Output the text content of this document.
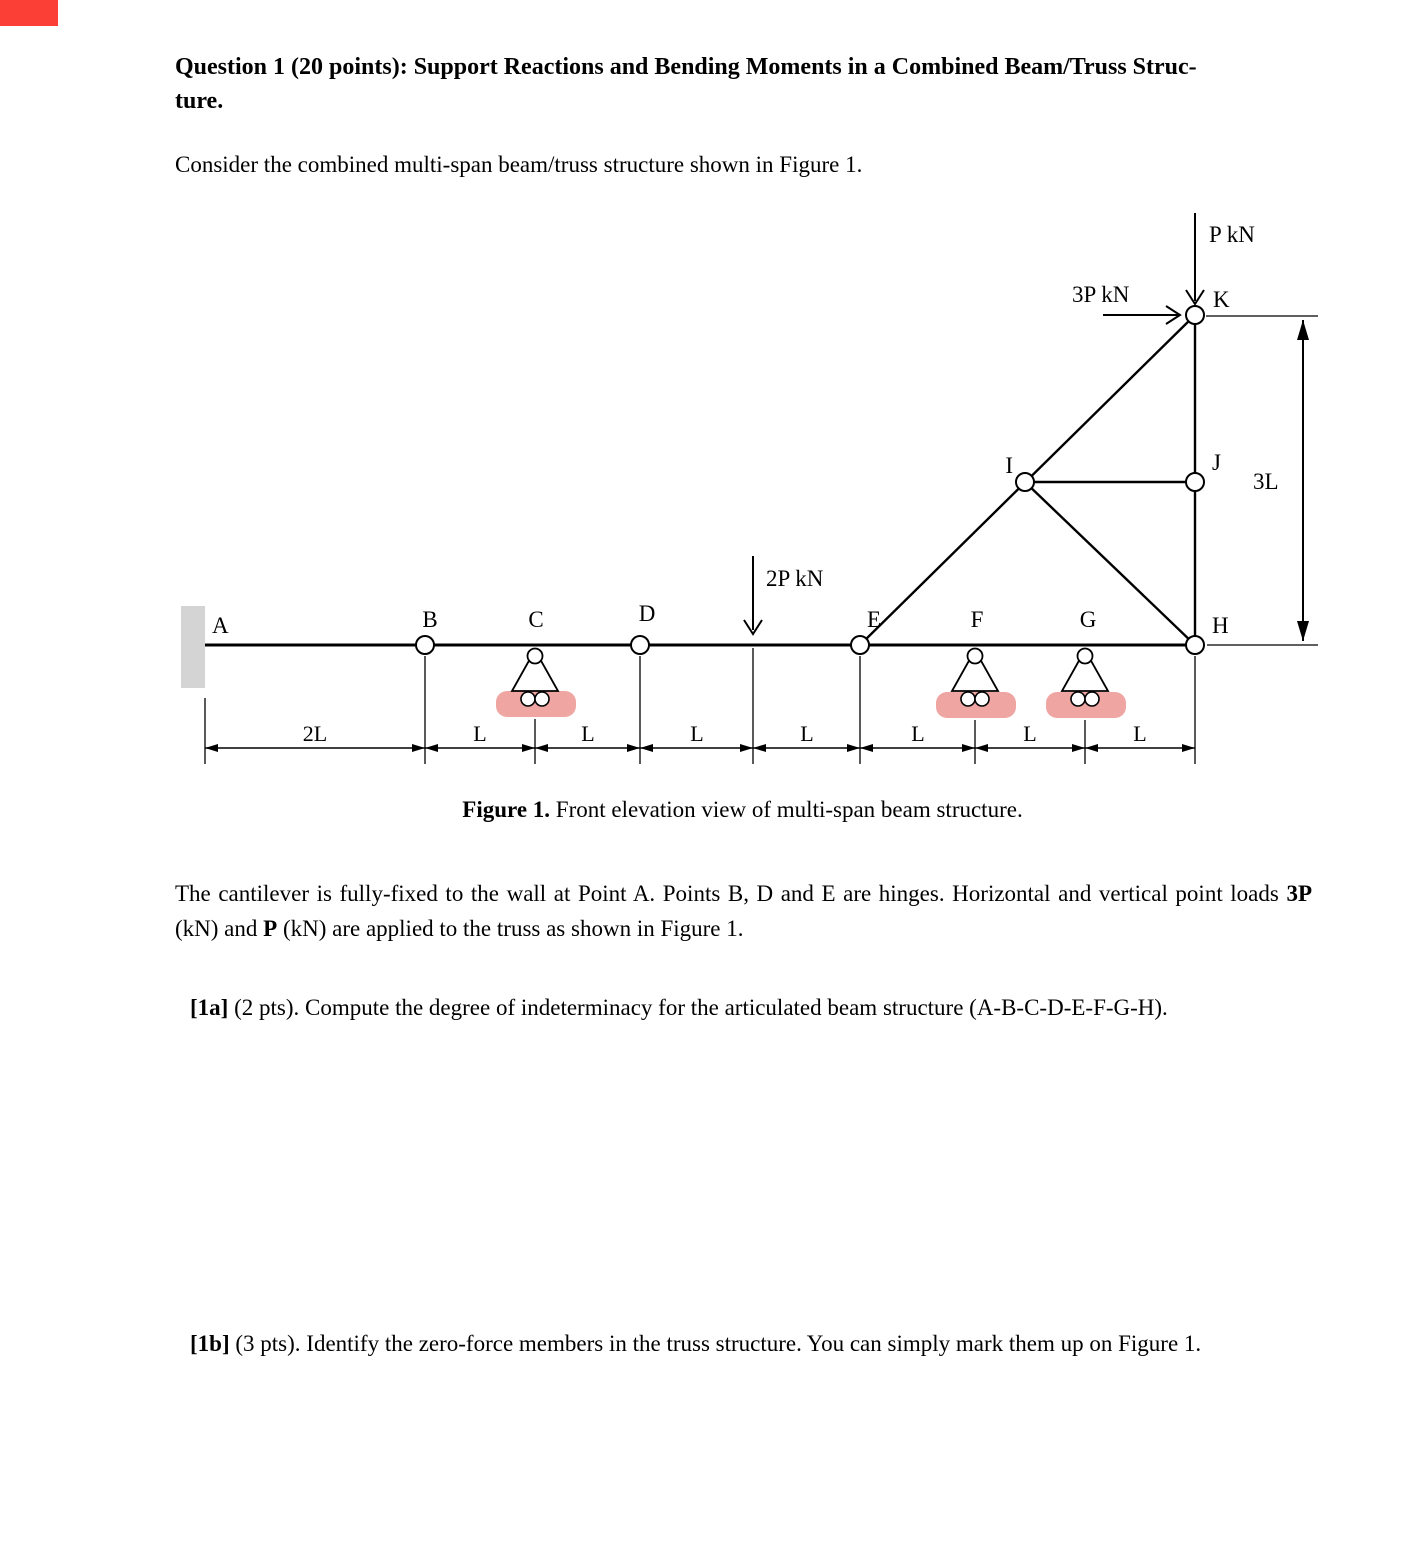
Question 1 (20 points): Support Reactions and Bending Moments in a Combined Beam/Truss Struc-
ture.
Consider the combined multi-span beam/truss structure shown in Figure 1.
P kN
3P kN
2P kN
A	B	C	D	E	F	G	H
I	J
K
2L	L	L	L	L	L	L	L
3L
Figure 1. Front elevation view of multi-span beam structure.
The cantilever is fully-fixed to the wall at Point A. Points B, D and E are hinges. Horizontal and vertical point loads 3P (kN) and P (kN) are applied to the truss as shown in Figure 1.
[1a] (2 pts). Compute the degree of indeterminacy for the articulated beam structure (A-B-C-D-E-F-G-H).
[1b] (3 pts). Identify the zero-force members in the truss structure. You can simply mark them up on Figure 1.
